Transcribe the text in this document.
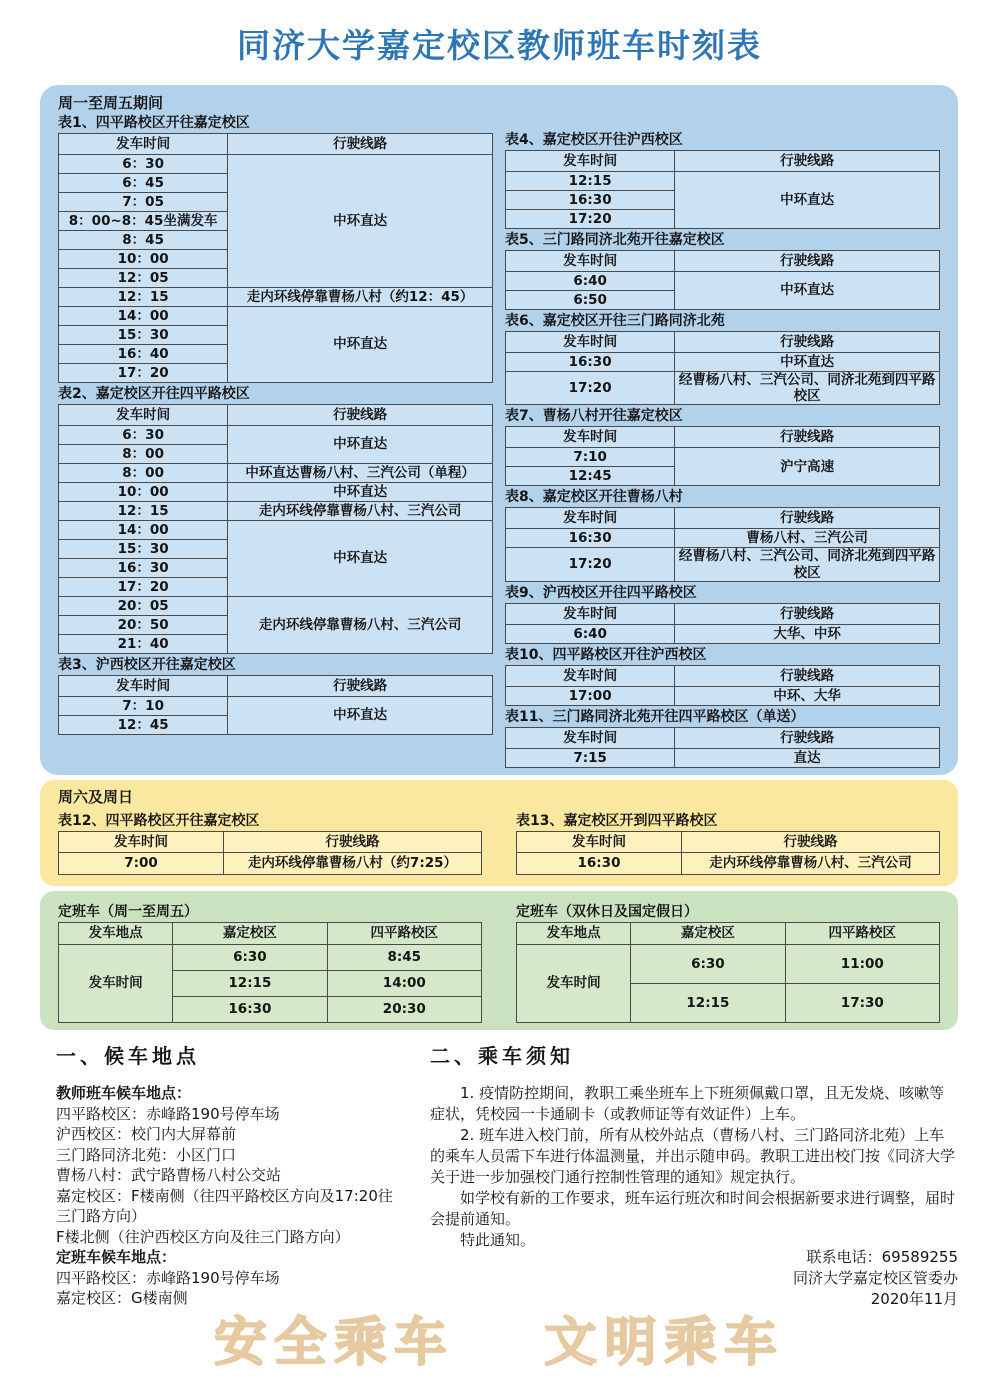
同济大学嘉定校区教师班车时刻表
周一至周五期间
表1、四平路校区开往嘉定校区
发车时间	行驶线路
6：30	中环直达
6：45	
7：05	
8：00~8：45坐满发车	
8：45	
10：00	
12：05	
12：15	走内环线停靠曹杨八村（约12：45）
14：00	中环直达
15：30	
16：40	
17：20	
表2、嘉定校区开往四平路校区
发车时间	行驶线路
6：30	中环直达
8：00	
8：00	中环直达曹杨八村、三汽公司（单程）
10：00	中环直达
12：15	走内环线停靠曹杨八村、三汽公司
14：00	中环直达
15：30	
16：30	
17：20	
20：05	走内环线停靠曹杨八村、三汽公司
20：50	
21：40	
表3、沪西校区开往嘉定校区
发车时间	行驶线路
7：10	中环直达
12：45	
表4、嘉定校区开往沪西校区
发车时间	行驶线路
12:15	中环直达
16:30	
17:20	
表5、三门路同济北苑开往嘉定校区
发车时间	行驶线路
6:40	中环直达
6:50	
表6、嘉定校区开往三门路同济北苑
发车时间	行驶线路
16:30	中环直达
17:20	经曹杨八村、三汽公司、同济北苑到四平路校区
表7、曹杨八村开往嘉定校区
发车时间	行驶线路
7:10	沪宁高速
12:45	
表8、嘉定校区开往曹杨八村
发车时间	行驶线路
16:30	曹杨八村、三汽公司
17:20	经曹杨八村、三汽公司、同济北苑到四平路校区
表9、沪西校区开往四平路校区
发车时间	行驶线路
6:40	大华、中环
表10、四平路校区开往沪西校区
发车时间	行驶线路
17:00	中环、大华
表11、三门路同济北苑开往四平路校区（单送）
发车时间	行驶线路
7:15	直达
周六及周日
表12、四平路校区开往嘉定校区
发车时间	行驶线路
7:00	走内环线停靠曹杨八村（约7:25）
表13、嘉定校区开到四平路校区
发车时间	行驶线路
16:30	走内环线停靠曹杨八村、三汽公司
定班车（周一至周五）
发车地点	嘉定校区	四平路校区
发车时间	6:30	8:45
	12:15	14:00
	16:30	20:30
定班车（双休日及国定假日）
发车地点	嘉定校区	四平路校区
发车时间	6:30	11:00
	12:15	17:30
一、候车地点
教师班车候车地点：
四平路校区：赤峰路190号停车场
沪西校区：校门内大屏幕前
三门路同济北苑：小区门口
曹杨八村：武宁路曹杨八村公交站
嘉定校区：F楼南侧（往四平路校区方向及17:20往三门路方向）
F楼北侧（往沪西校区方向及往三门路方向）
定班车候车地点：
四平路校区：赤峰路190号停车场
嘉定校区：G楼南侧
二、乘车须知

1. 疫情防控期间，教职工乘坐班车上下班须佩戴口罩，且无发烧、咳嗽等症状，凭校园一卡通刷卡（或教师证等有效证件）上车。

2. 班车进入校门前，所有从校外站点（曹杨八村、三门路同济北苑）上车的乘车人员需下车进行体温测量，并出示随申码。教职工进出校门按《同济大学关于进一步加强校门通行控制性管理的通知》规定执行。

如学校有新的工作要求，班车运行班次和时间会根据新要求进行调整，届时会提前通知。

特此通知。

联系电话：69589255
同济大学嘉定校区管委办
2020年11月
安全乘车 文明乘车
